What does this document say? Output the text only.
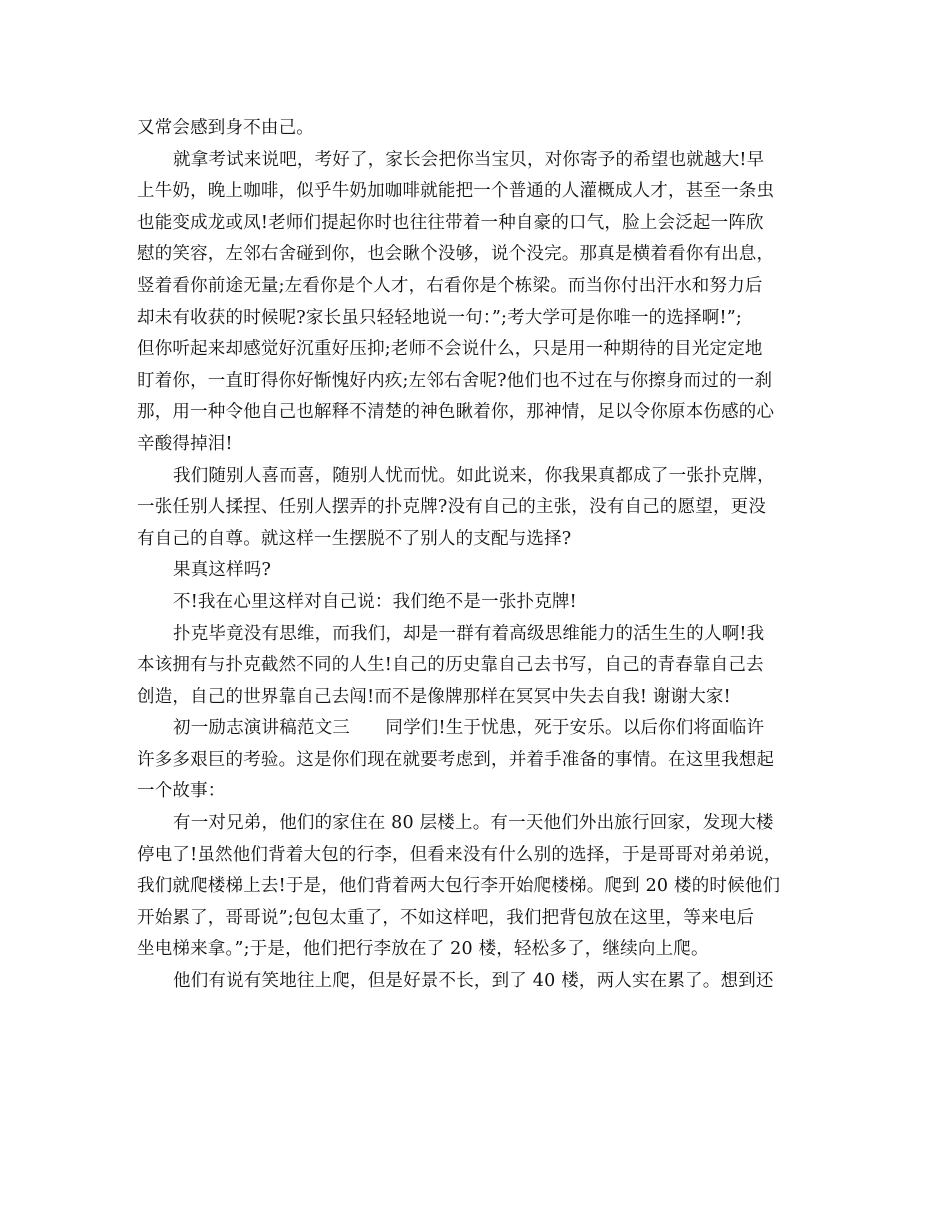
又常会感到身不由己。
就拿考试来说吧，考好了，家长会把你当宝贝，对你寄予的希望也就越大!早
上牛奶，晚上咖啡，似乎牛奶加咖啡就能把一个普通的人灌概成人才，甚至一条虫
也能变成龙或凤!老师们提起你时也往往带着一种自豪的口气，脸上会泛起一阵欣
慰的笑容，左邻右舍碰到你，也会瞅个没够，说个没完。那真是横着看你有出息，
竖着看你前途无量;左看你是个人才，右看你是个栋梁。而当你付出汗水和努力后
却未有收获的时候呢?家长虽只轻轻地说一句：”;考大学可是你唯一的选择啊!”;
但你听起来却感觉好沉重好压抑;老师不会说什么，只是用一种期待的目光定定地
盯着你，一直盯得你好惭愧好内疚;左邻右舍呢?他们也不过在与你擦身而过的一刹
那，用一种令他自己也解释不清楚的神色瞅着你，那神情，足以令你原本伤感的心
辛酸得掉泪!
我们随别人喜而喜，随别人忧而忧。如此说来，你我果真都成了一张扑克牌，
一张任别人揉捏、任别人摆弄的扑克牌?没有自己的主张，没有自己的愿望，更没
有自己的自尊。就这样一生摆脱不了别人的支配与选择?
果真这样吗?
不!我在心里这样对自己说：我们绝不是一张扑克牌!
扑克毕竟没有思维，而我们，却是一群有着高级思维能力的活生生的人啊!我
本该拥有与扑克截然不同的人生!自己的历史靠自己去书写，自己的青春靠自己去
创造，自己的世界靠自己去闯!而不是像牌那样在冥冥中失去自我! 谢谢大家!
初一励志演讲稿范文三　　同学们!生于忧患，死于安乐。以后你们将面临许
许多多艰巨的考验。这是你们现在就要考虑到，并着手准备的事情。在这里我想起
一个故事：
有一对兄弟，他们的家住在 80 层楼上。有一天他们外出旅行回家，发现大楼
停电了!虽然他们背着大包的行李，但看来没有什么别的选择，于是哥哥对弟弟说，
我们就爬楼梯上去!于是，他们背着两大包行李开始爬楼梯。爬到 20 楼的时候他们
开始累了，哥哥说”;包包太重了，不如这样吧，我们把背包放在这里，等来电后
坐电梯来拿。”;于是，他们把行李放在了 20 楼，轻松多了，继续向上爬。
他们有说有笑地往上爬，但是好景不长，到了 40 楼，两人实在累了。想到还
